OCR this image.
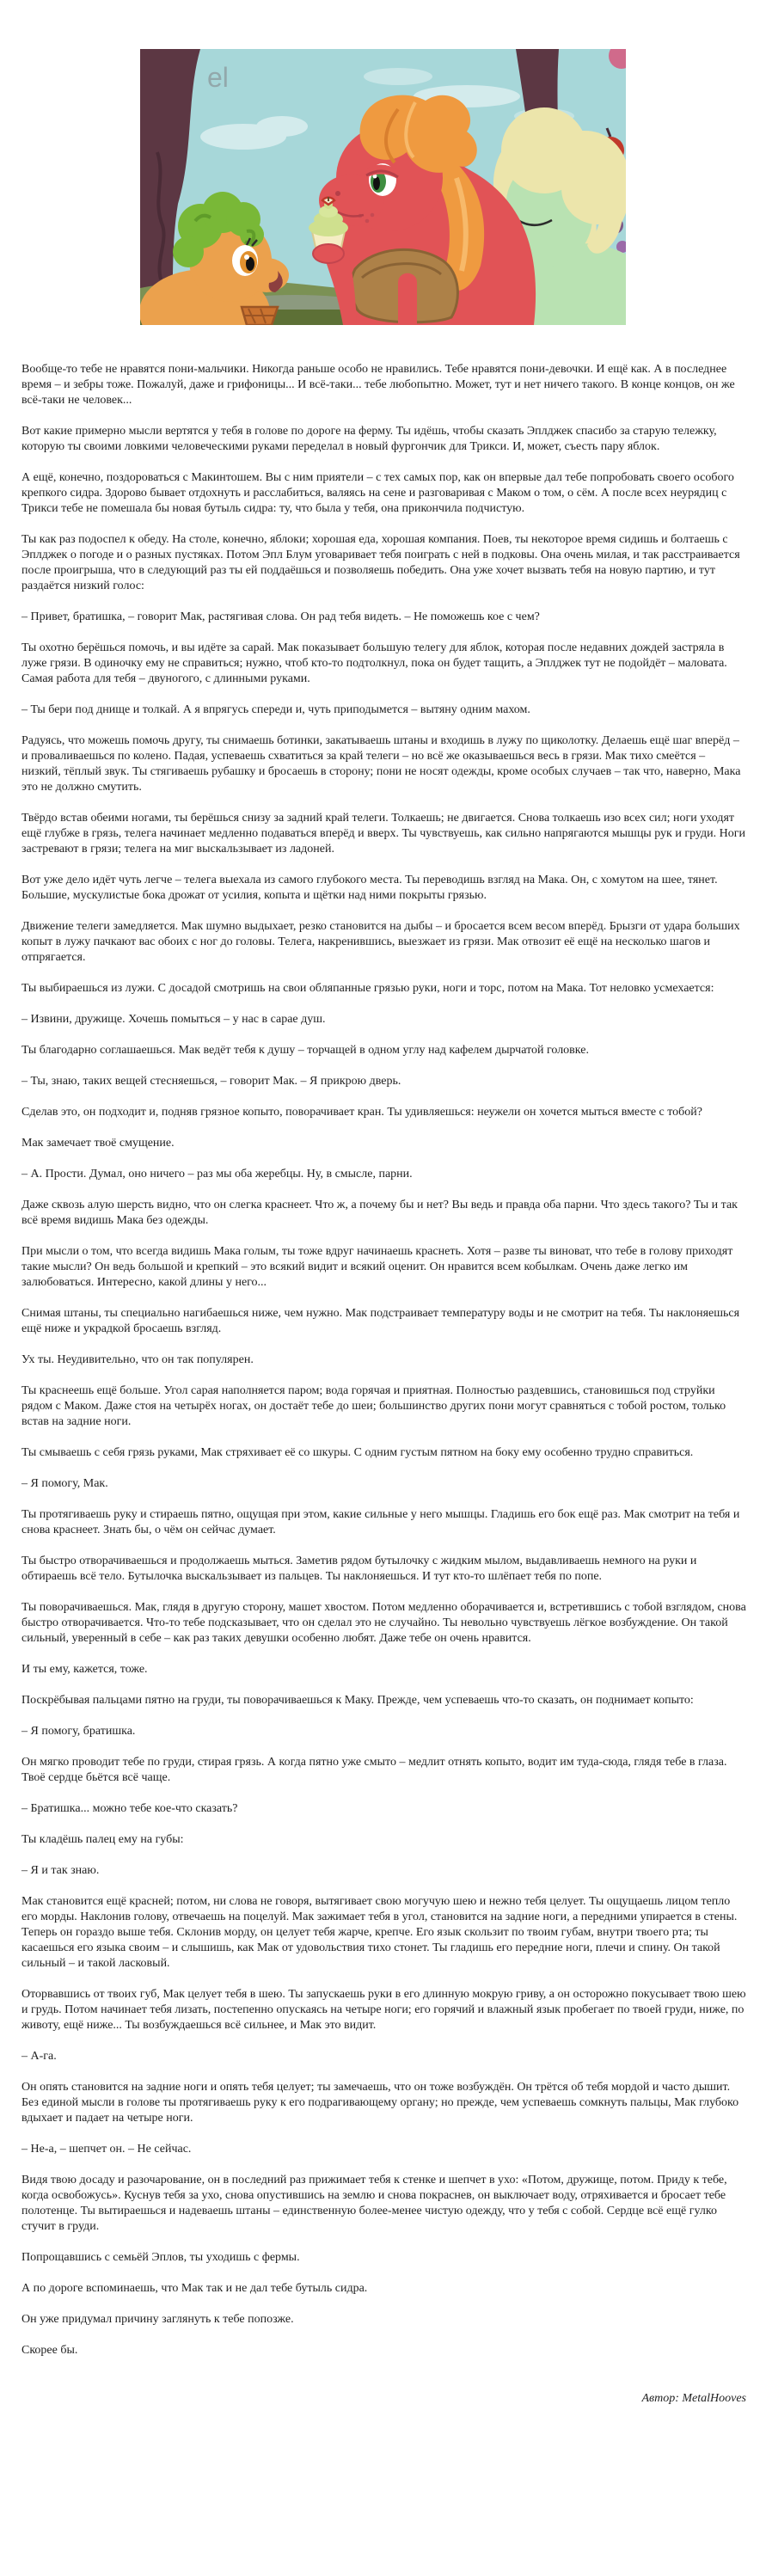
el

Вообще-то тебе не нравятся пони-мальчики. Никогда раньше особо не нравились. Тебе нравятся пони-девочки. И ещё как. А в последнее время – и зебры тоже. Пожалуй, даже и грифоницы... И всё-таки... тебе любопытно. Может, тут и нет ничего такого. В конце концов, он же всё-таки не человек...

Вот какие примерно мысли вертятся у тебя в голове по дороге на ферму. Ты идёшь, чтобы сказать Эплджек спасибо за старую тележку, которую ты своими ловкими человеческими руками переделал в новый фургончик для Трикси. И, может, съесть пару яблок.

А ещё, конечно, поздороваться с Макинтошем. Вы с ним приятели – с тех самых пор, как он впервые дал тебе попробовать своего особого крепкого сидра. Здорово бывает отдохнуть и расслабиться, валяясь на сене и разговаривая с Маком о том, о сём. А после всех неурядиц с Трикси тебе не помешала бы новая бутыль сидра: ту, что была у тебя, она прикончила подчистую.

Ты как раз подоспел к обеду. На столе, конечно, яблоки; хорошая еда, хорошая компания. Поев, ты некоторое время сидишь и болтаешь с Эплджек о погоде и о разных пустяках. Потом Эпл Блум уговаривает тебя поиграть с ней в подковы. Она очень милая, и так расстраивается после проигрыша, что в следующий раз ты ей поддаёшься и позволяешь победить. Она уже хочет вызвать тебя на новую партию, и тут раздаётся низкий голос:

– Привет, братишка, – говорит Мак, растягивая слова. Он рад тебя видеть. – Не поможешь кое с чем?

Ты охотно берёшься помочь, и вы идёте за сарай. Мак показывает большую телегу для яблок, которая после недавних дождей застряла в луже грязи. В одиночку ему не справиться; нужно, чтоб кто-то подтолкнул, пока он будет тащить, а Эплджек тут не подойдёт – маловата. Самая работа для тебя – двуногого, с длинными руками.

– Ты бери под днище и толкай. А я впрягусь спереди и, чуть приподымется – вытяну одним махом.

Радуясь, что можешь помочь другу, ты снимаешь ботинки, закатываешь штаны и входишь в лужу по щиколотку. Делаешь ещё шаг вперёд – и проваливаешься по колено. Падая, успеваешь схватиться за край телеги – но всё же оказываешься весь в грязи. Мак тихо смеётся – низкий, тёплый звук. Ты стягиваешь рубашку и бросаешь в сторону; пони не носят одежды, кроме особых случаев – так что, наверно, Мака это не должно смутить.

Твёрдо встав обеими ногами, ты берёшься снизу за задний край телеги. Толкаешь; не двигается. Снова толкаешь изо всех сил; ноги уходят ещё глубже в грязь, телега начинает медленно подаваться вперёд и вверх. Ты чувствуешь, как сильно напрягаются мышцы рук и груди. Ноги застревают в грязи; телега на миг выскальзывает из ладоней.

Вот уже дело идёт чуть легче – телега выехала из самого глубокого места. Ты переводишь взгляд на Мака. Он, с хомутом на шее, тянет. Большие, мускулистые бока дрожат от усилия, копыта и щётки над ними покрыты грязью.

Движение телеги замедляется. Мак шумно выдыхает, резко становится на дыбы – и бросается всем весом вперёд. Брызги от удара больших копыт в лужу пачкают вас обоих с ног до головы. Телега, накренившись, выезжает из грязи. Мак отвозит её ещё на несколько шагов и отпрягается.

Ты выбираешься из лужи. С досадой смотришь на свои обляпанные грязью руки, ноги и торс, потом на Мака. Тот неловко усмехается:

– Извини, дружище. Хочешь помыться – у нас в сарае душ.

Ты благодарно соглашаешься. Мак ведёт тебя к душу – торчащей в одном углу над кафелем дырчатой головке.

– Ты, знаю, таких вещей стесняешься, – говорит Мак. – Я прикрою дверь.

Сделав это, он подходит и, подняв грязное копыто, поворачивает кран. Ты удивляешься: неужели он хочется мыться вместе с тобой?

Мак замечает твоё смущение.

– А. Прости. Думал, оно ничего – раз мы оба жеребцы. Ну, в смысле, парни.

Даже сквозь алую шерсть видно, что он слегка краснеет. Что ж, а почему бы и нет? Вы ведь и правда оба парни. Что здесь такого? Ты и так всё время видишь Мака без одежды.

При мысли о том, что всегда видишь Мака голым, ты тоже вдруг начинаешь краснеть. Хотя – разве ты виноват, что тебе в голову приходят такие мысли? Он ведь большой и крепкий – это всякий видит и всякий оценит. Он нравится всем кобылкам. Очень даже легко им залюбоваться. Интересно, какой длины у него...

Снимая штаны, ты специально нагибаешься ниже, чем нужно. Мак подстраивает температуру воды и не смотрит на тебя. Ты наклоняешься ещё ниже и украдкой бросаешь взгляд.

Ух ты. Неудивительно, что он так популярен.

Ты краснеешь ещё больше. Угол сарая наполняется паром; вода горячая и приятная. Полностью раздевшись, становишься под струйки рядом с Маком. Даже стоя на четырёх ногах, он достаёт тебе до шеи; большинство других пони могут сравняться с тобой ростом, только встав на задние ноги.

Ты смываешь с себя грязь руками, Мак стряхивает её со шкуры. С одним густым пятном на боку ему особенно трудно справиться.

– Я помогу, Мак.

Ты протягиваешь руку и стираешь пятно, ощущая при этом, какие сильные у него мышцы. Гладишь его бок ещё раз. Мак смотрит на тебя и снова краснеет. Знать бы, о чём он сейчас думает.

Ты быстро отворачиваешься и продолжаешь мыться. Заметив рядом бутылочку с жидким мылом, выдавливаешь немного на руки и обтираешь всё тело. Бутылочка выскальзывает из пальцев. Ты наклоняешься. И тут кто-то шлёпает тебя по попе.

Ты поворачиваешься. Мак, глядя в другую сторону, машет хвостом. Потом медленно оборачивается и, встретившись с тобой взглядом, снова быстро отворачивается. Что-то тебе подсказывает, что он сделал это не случайно. Ты невольно чувствуешь лёгкое возбуждение. Он такой сильный, уверенный в себе – как раз таких девушки особенно любят. Даже тебе он очень нравится.

И ты ему, кажется, тоже.

Поскрёбывая пальцами пятно на груди, ты поворачиваешься к Маку. Прежде, чем успеваешь что-то сказать, он поднимает копыто:

– Я помогу, братишка.

Он мягко проводит тебе по груди, стирая грязь. А когда пятно уже смыто – медлит отнять копыто, водит им туда-сюда, глядя тебе в глаза. Твоё сердце бьётся всё чаще.

– Братишка... можно тебе кое-что сказать?

Ты кладёшь палец ему на губы:

– Я и так знаю.

Мак становится ещё красней; потом, ни слова не говоря, вытягивает свою могучую шею и нежно тебя целует. Ты ощущаешь лицом тепло его морды. Наклонив голову, отвечаешь на поцелуй. Мак зажимает тебя в угол, становится на задние ноги, а передними упирается в стены. Теперь он гораздо выше тебя. Склонив морду, он целует тебя жарче, крепче. Его язык скользит по твоим губам, внутри твоего рта; ты касаешься его языка своим – и слышишь, как Мак от удовольствия тихо стонет. Ты гладишь его передние ноги, плечи и спину. Он такой сильный – и такой ласковый.

Оторвавшись от твоих губ, Мак целует тебя в шею. Ты запускаешь руки в его длинную мокрую гриву, а он осторожно покусывает твою шею и грудь. Потом начинает тебя лизать, постепенно опускаясь на четыре ноги; его горячий и влажный язык пробегает по твоей груди, ниже, по животу, ещё ниже... Ты возбуждаешься всё сильнее, и Мак это видит.

– А-га.

Он опять становится на задние ноги и опять тебя целует; ты замечаешь, что он тоже возбуждён. Он трётся об тебя мордой и часто дышит. Без единой мысли в голове ты протягиваешь руку к его подрагивающему органу; но прежде, чем успеваешь сомкнуть пальцы, Мак глубоко вдыхает и падает на четыре ноги.

– Не-а, – шепчет он. – Не сейчас.

Видя твою досаду и разочарование, он в последний раз прижимает тебя к стенке и шепчет в ухо: «Потом, дружище, потом. Приду к тебе, когда освобожусь». Куснув тебя за ухо, снова опустившись на землю и снова покраснев, он выключает воду, отряхивается и бросает тебе полотенце. Ты вытираешься и надеваешь штаны – единственную более-менее чистую одежду, что у тебя с собой. Сердце всё ещё гулко стучит в груди.

Попрощавшись с семьёй Эплов, ты уходишь с фермы.

А по дороге вспоминаешь, что Мак так и не дал тебе бутыль сидра.

Он уже придумал причину заглянуть к тебе попозже.

Скорее бы.

Автор: MetalHooves
